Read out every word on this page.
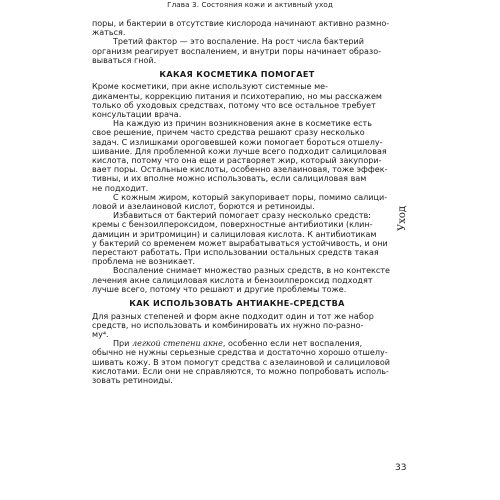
Глава 3. Состояния кожи и активный уход
поры, и бактерии в отсутствие кислорода начинают активно размно-
жаться.
Третий фактор — это воспаление. На рост числа бактерий
организм реагирует воспалением, и внутри поры начинает образо-
вываться гной.
КАКАЯ КОСМЕТИКА ПОМОГАЕТ
Кроме косметики, при акне используют системные ме-
дикаменты, коррекцию питания и психотерапию, но мы расскажем
только об уходовых средствах, потому что все остальное требует
консультации врача.
На каждую из причин возникновения акне в косметике есть
свое решение, причем часто средства решают сразу несколько
задач. С излишками ороговевшей кожи помогает бороться отшелу-
шивание. Для проблемной кожи лучше всего подходит салициловая
кислота, потому что она еще и растворяет жир, который закупори-
вает поры. Остальные кислоты, особенно азелаиновая, тоже эффек-
тивны, и их вполне можно использовать, если салициловая вам
не подходит.
С кожным жиром, который закупоривает поры, помимо салици-
ловой и азелаиновой кислот, борются и ретиноиды.
Избавиться от бактерий помогает сразу несколько средств:
кремы с бензоилпероксидом, поверхностные антибиотики (клин-
дамицин и эритромицин) и салициловая кислота. К антибиотикам
у бактерий со временем может вырабатываться устойчивость, и они
перестают работать. При использовании остальных средств такая
проблема не возникает.
Воспаление снимает множество разных средств, в но контексте
лечения акне салициловая кислота и бензоилпероксид подходят
лучше всего, потому что решают и другие проблемы тоже.
КАК ИСПОЛЬЗОВАТЬ АНТИАКНЕ-СРЕДСТВА
Для разных степеней и форм акне подходит один и тот же набор
средств, но использовать и комбинировать их нужно по-разно-
му⁴.
При легкой степени акне, особенно если нет воспаления,
обычно не нужны серьезные средства и достаточно хорошо отшелу-
шивать кожу. В этом помогут средства с азелаиновой и салициловой
кислотами. Если они не справляются, то можно попробовать исполь-
зовать ретиноиды.
Уход
33
